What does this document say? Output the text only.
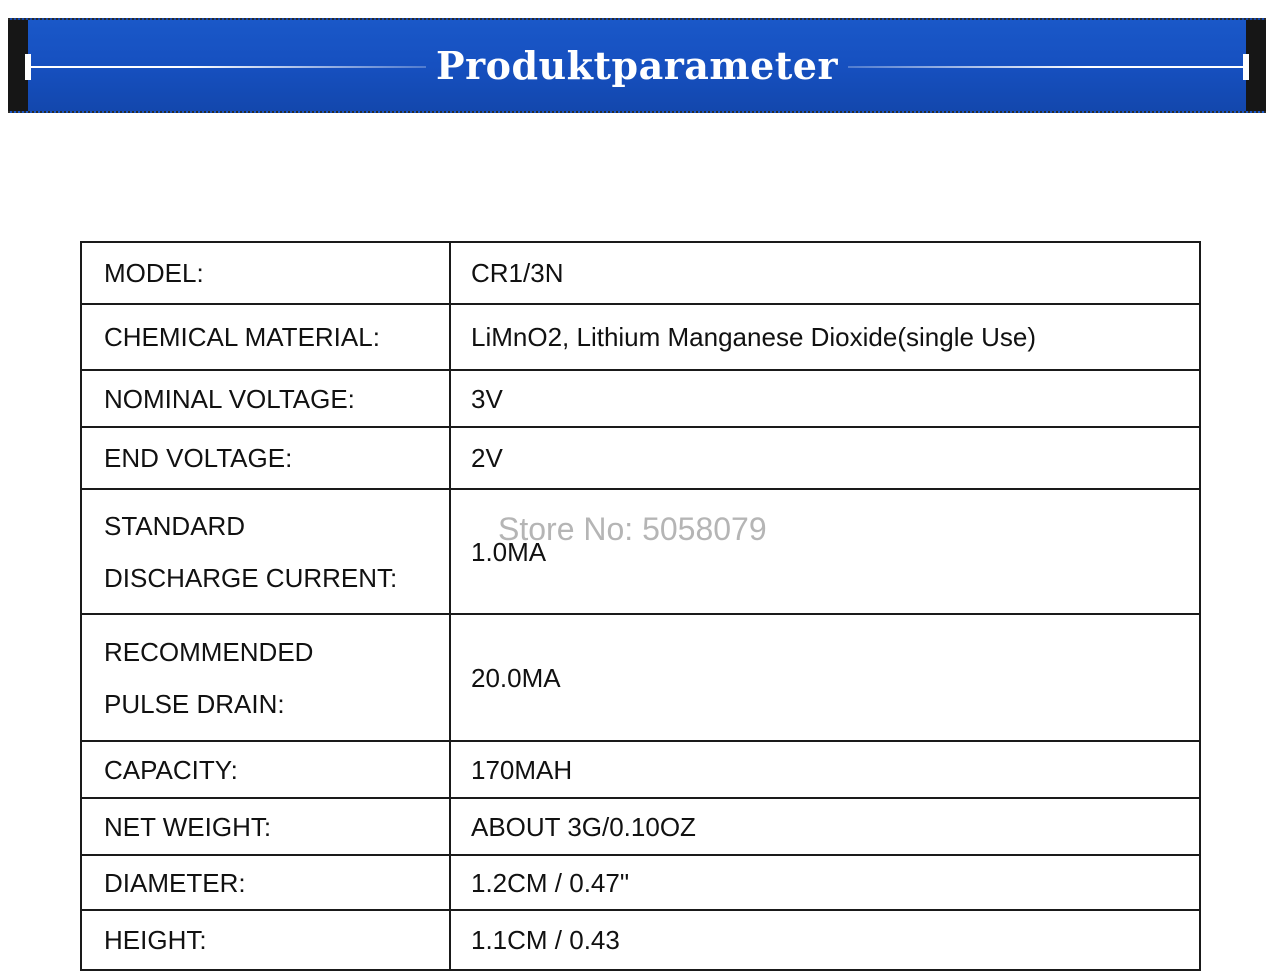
Produktparameter
MODEL:	CR1/3N
CHEMICAL MATERIAL:	LiMnO2, Lithium Manganese Dioxide(single Use)
NOMINAL VOLTAGE:	3V
END VOLTAGE:	2V

STANDARD
DISCHARGE CURRENT:	1.0MA

RECOMMENDED
PULSE DRAIN:	20.0MA
CAPACITY:	170MAH
NET WEIGHT:	ABOUT 3G/0.10OZ
DIAMETER:	1.2CM / 0.47"
HEIGHT:	1.1CM / 0.43
Store No: 5058079
